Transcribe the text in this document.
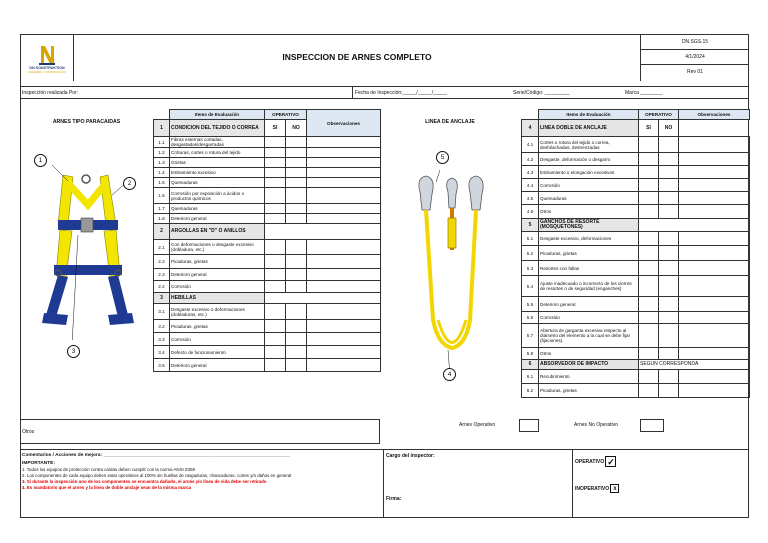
DN KONSTRUKTION
INGENIERIA Y CONSTRUCCION
INSPECCION DE ARNES COMPLETO
DN.SGS.15
4/1/2024
Rev 01
Inspección realizada Por:	Fecha de Inspección:_____/_____/_____	Serie/Código: _________	Marca ________
ARNES TIPO PARACAIDAS
1
2
3
	Items de Evaluación	OPERATIVO		Observaciones
1	CONDICION DEL TEJIDO O CORREA	SI	NO	
1.1	Fibras externas cortadas, desgastadas/desgarradas			
1.2	Cróturas, cortes o rotura del tejido			
1.3	Grietas			
1.4	Estiramiento excesivo			
1.5	Quemaduras			
1.6	Corrosión por exposición a ácidos o productos químicos			
1.7	Quemaduras			
1.8	Deterioro general			
2	ARGOLLAS EN "D" O ANILLOS			
2.1	Con deformaciones o desgaste excesivo (dobladura, etc.)			
2.2	Picaduras, grietas			
2.3	Deterioro general			
2.4	Corrosión			
3	HEBILLAS			
3.1	Desgaste excesivo o deformaciones (dobladuras, etc.)			
3.2	Picaduras, grietas			
3.3	Corrosión			
3.4	Defecto de funcionamiento			
3.5	Deterioro general			
LINEA DE ANCLAJE
5
4
	Items de Evaluación	OPERATIVO		Observaciones
4	LINEA DOBLE DE ANCLAJE	SI	NO	
4.1	Cortes o rotura del tejido o correa, deshilachadas, destrenzadas			
4.2	Desgaste, deformación o desgarro			
4.3	Estiramiento o elongación excesivos			
4.4	Corrosión			
4.5	Quemaduras			
4.6	Otros			
5	GANCHOS DE RESORTE (MOSQUETONES)			
5.1	Desgaste excesivo, deformaciones			
5.2	Picaduras, grietas			
5.3	Resortes con fallas			
5.4	Ajuste inadecuado o incorrecto de los cierres de resortes o de seguridad (enganches)			
5.5	Deterioro general			
5.6	Corrosión			
5.7	Abertura de garganta excesiva respecto al diámetro del elemento a la cual se debe fijar (fijaciones).			
5.8	Otros			
6	ABSORVEDOR DE IMPACTO	SEGUN CORRESPONDA		
6.1	Recubrimiento			
6.2	Picaduras, grietas			
Otros
Arnes Operativo	Arnes No Operativo
Comentarios / Acciones de mejora: ______________________________________________________________________
IMPORTANTE:
1. Todos los equipos de protección contra caídas deben cumplir con la norma ANSI Z359
2. Los componentes de cada equipo deben estar operativos al 100% sin huellas de rasgaduras, chancaduras, cortes y/o daños en general
3. Si durante la inspección uno de los componentes se encuentra dañado, el arnés y/o línea de vida debe ser retirado
4. Es mandatorio que el arnes y la linea de doble anclaje sean de la misma marca
Cargo del inspector:
Firma:
OPERATIVO ✓
INOPERATIVO x
